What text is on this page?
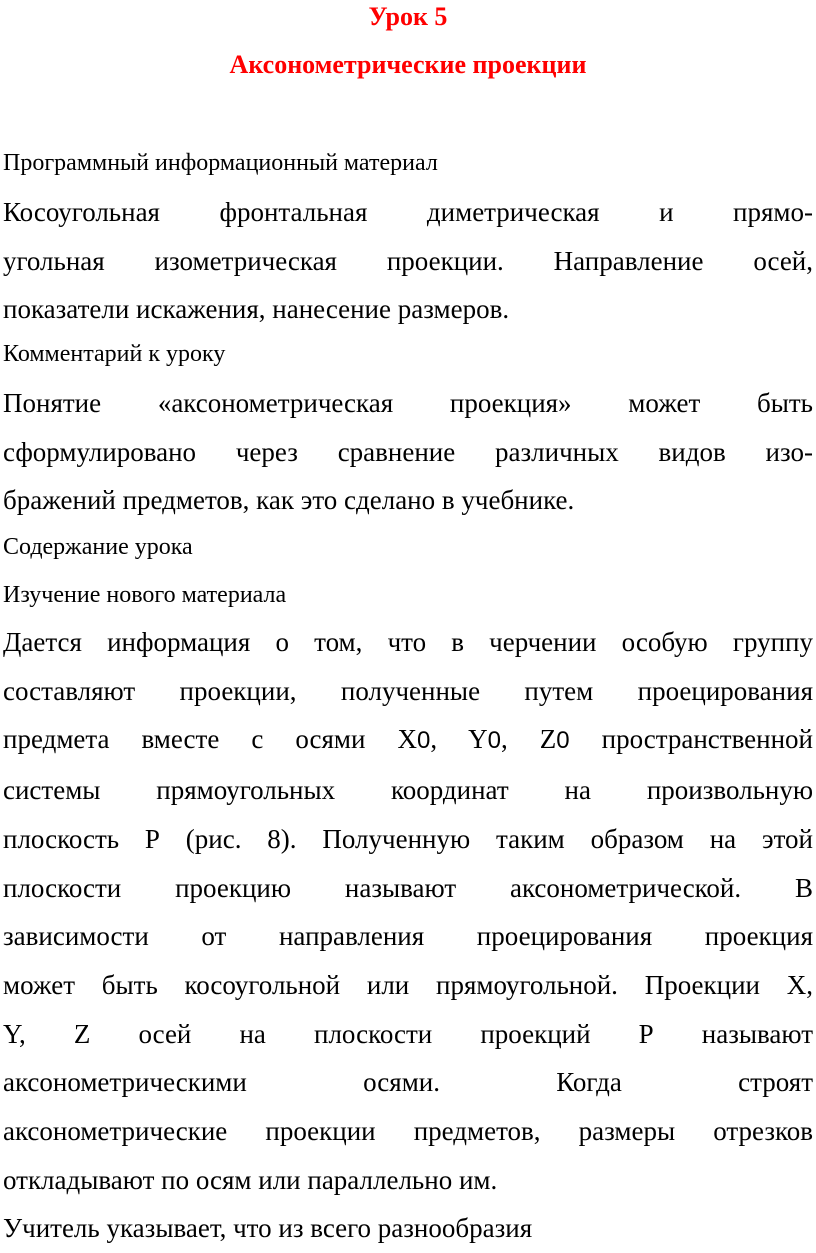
Урок 5
Аксонометрические проекции

Программный информационный материал

Косоугольная фронтальная диметрическая и прямо-
угольная изометрическая проекции. Направление осей,
показатели искажения, нанесение размеров.

Комментарий к уроку

Понятие «аксонометрическая проекция» может быть
сформулировано через сравнение различных видов изо-
бражений предметов, как это сделано в учебнике.

Содержание урока

Изучение нового материала

Дается информация о том, что в черчении особую группу
составляют проекции, полученные путем проецирования
предмета вместе с осями X0, Y0, Z0 пространственной
системы прямоугольных координат на произвольную
плоскость Р (рис. 8). Полученную таким образом на этой
плоскости проекцию называют аксонометрической. В
зависимости от направления проецирования проекция
может быть косоугольной или прямоугольной. Проекции X,
Y, Z осей на плоскости проекций Р называют
аксонометрическими осями. Когда строят
аксонометрические проекции предметов, размеры отрезков
откладывают по осям или параллельно им.
Учитель указывает, что из всего разнообразия
